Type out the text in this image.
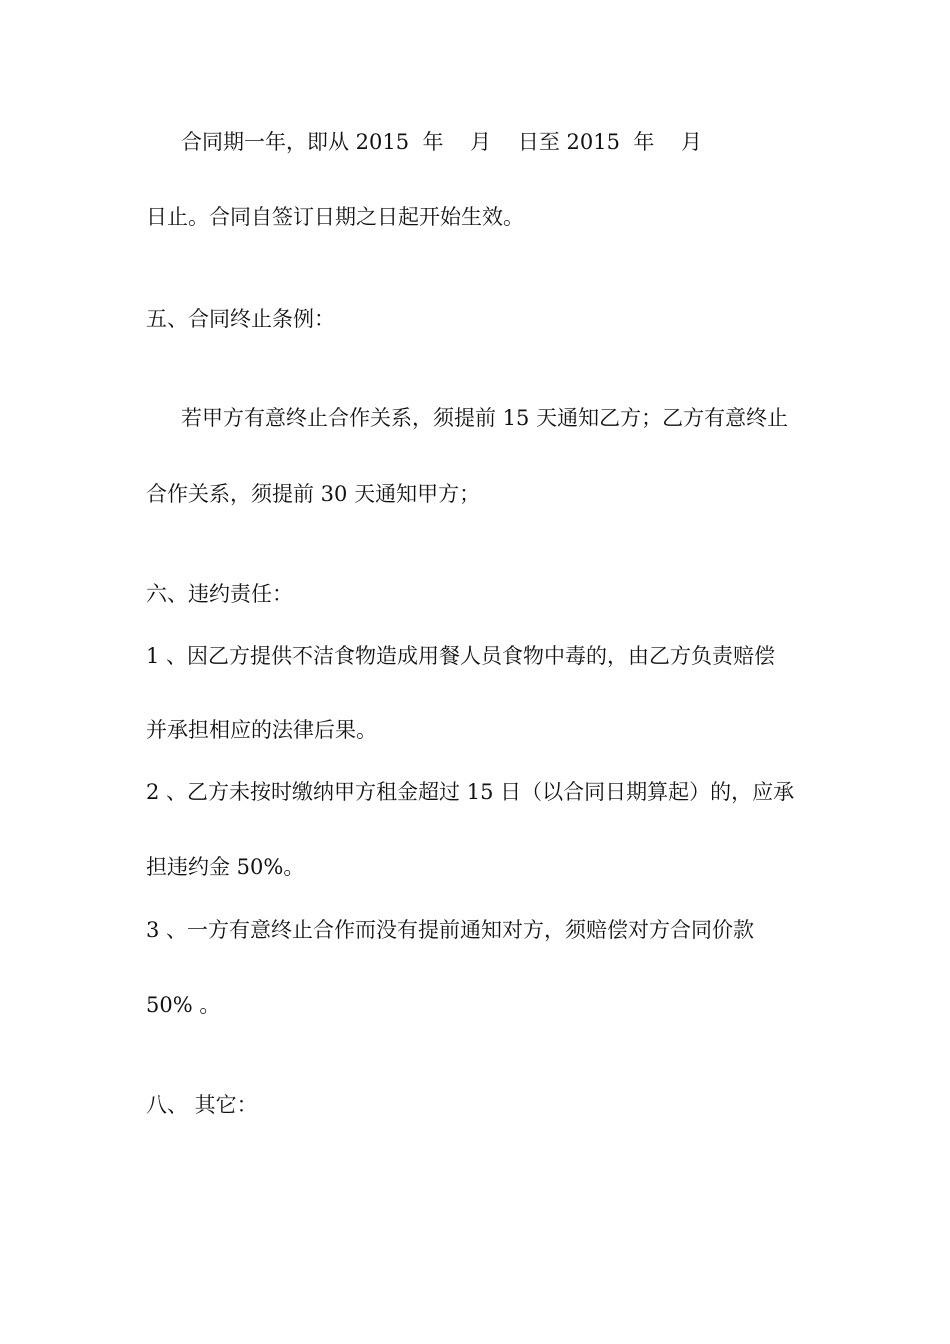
合同期一年，即从 2015  年    月    日至 2015  年    月

日止。合同自签订日期之日起开始生效。

五、合同终止条例：

若甲方有意终止合作关系，须提前 15 天通知乙方；乙方有意终止

合作关系，须提前 30 天通知甲方；

六、违约责任：

1 、因乙方提供不洁食物造成用餐人员食物中毒的，由乙方负责赔偿

并承担相应的法律后果。

2 、乙方未按时缴纳甲方租金超过 15 日（以合同日期算起）的，应承

担违约金 50%。

3 、一方有意终止合作而没有提前通知对方，须赔偿对方合同价款

50% 。

八、 其它：
